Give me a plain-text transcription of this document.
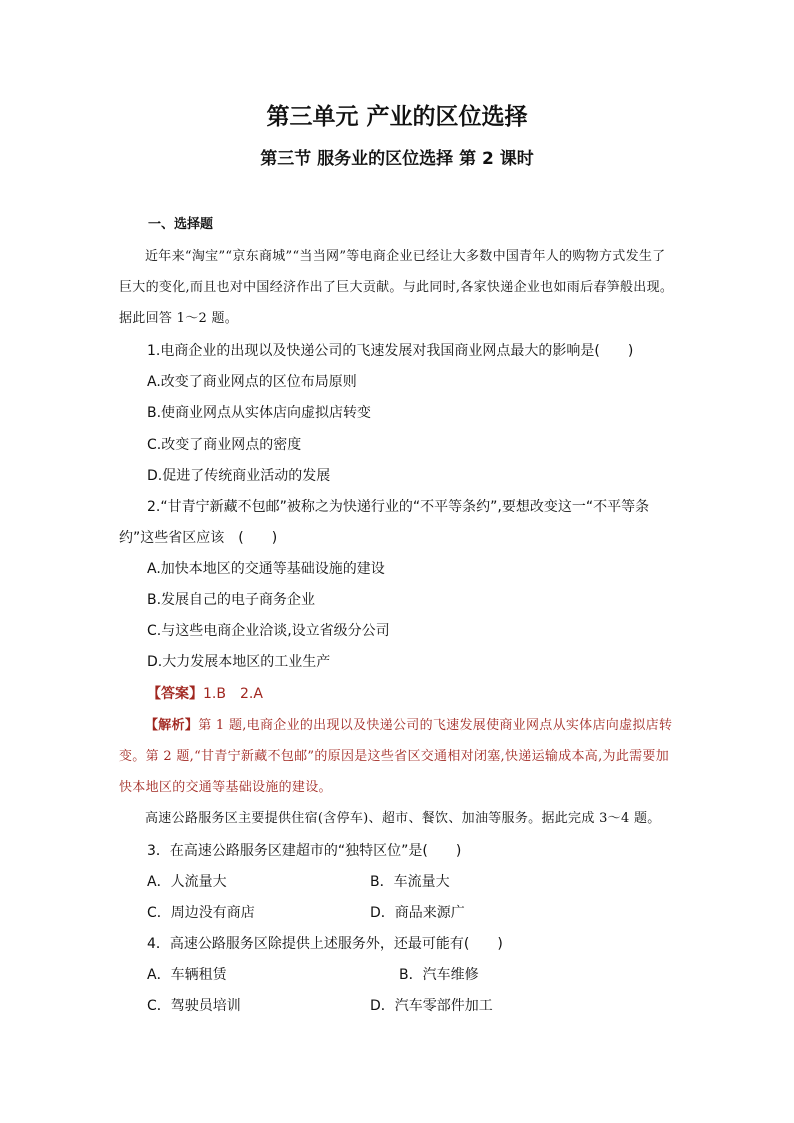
第三单元 产业的区位选择
第三节 服务业的区位选择 第 2 课时
一、选择题
近年来“淘宝”“京东商城”“当当网”等电商企业已经让大多数中国青年人的购物方式发生了巨大的变化,而且也对中国经济作出了巨大贡献。与此同时,各家快递企业也如雨后春笋般出现。据此回答 1～2 题。
1.电商企业的出现以及快递公司的飞速发展对我国商业网点最大的影响是(　　)
A.改变了商业网点的区位布局原则
B.使商业网点从实体店向虚拟店转变
C.改变了商业网点的密度
D.促进了传统商业活动的发展
2.“甘青宁新藏不包邮”被称之为快递行业的“不平等条约”,要想改变这一“不平等条约”这些省区应该　(　　)
A.加快本地区的交通等基础设施的建设
B.发展自己的电子商务企业
C.与这些电商企业洽谈,设立省级分公司
D.大力发展本地区的工业生产
【答案】1.B　2.A
【解析】第 1 题,电商企业的出现以及快递公司的飞速发展使商业网点从实体店向虚拟店转变。第 2 题,“甘青宁新藏不包邮”的原因是这些省区交通相对闭塞,快递运输成本高,为此需要加快本地区的交通等基础设施的建设。
高速公路服务区主要提供住宿(含停车)、超市、餐饮、加油等服务。据此完成 3～4 题。
3．在高速公路服务区建超市的“独特区位”是(　　)
A．人流量大	B．车流量大
C．周边没有商店	D．商品来源广
4．高速公路服务区除提供上述服务外，还最可能有(　　)
A．车辆租赁	B．汽车维修
C．驾驶员培训	D．汽车零部件加工
